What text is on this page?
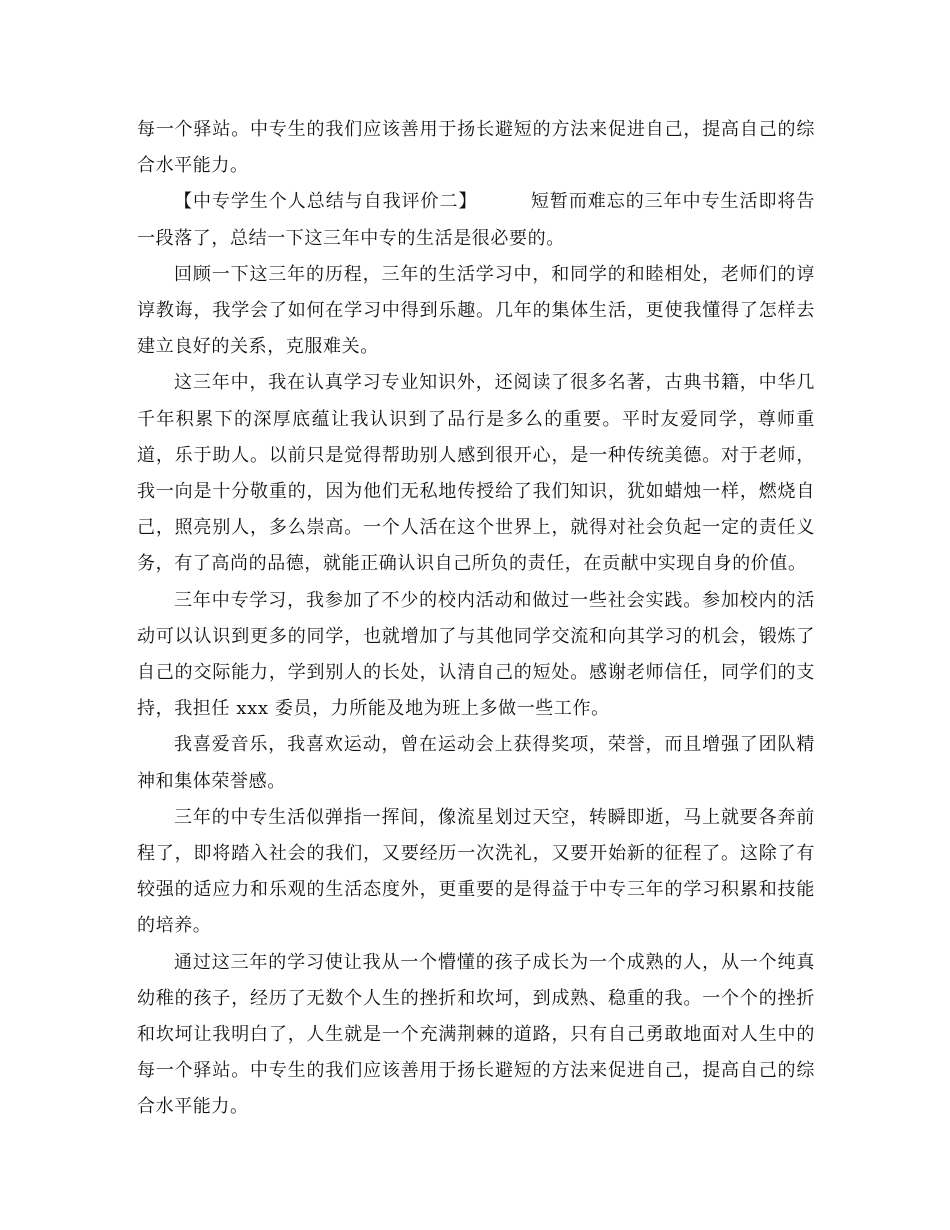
每一个驿站。中专生的我们应该善用于扬长避短的方法来促进自己，提高自己的综合水平能力。

【中专学生个人总结与自我评价二】	短暂而难忘的三年中专生活即将告一段落了，总结一下这三年中专的生活是很必要的。

回顾一下这三年的历程，三年的生活学习中，和同学的和睦相处，老师们的谆谆教诲，我学会了如何在学习中得到乐趣。几年的集体生活，更使我懂得了怎样去建立良好的关系，克服难关。

这三年中，我在认真学习专业知识外，还阅读了很多名著，古典书籍，中华几千年积累下的深厚底蕴让我认识到了品行是多么的重要。平时友爱同学，尊师重道，乐于助人。以前只是觉得帮助别人感到很开心，是一种传统美德。对于老师，我一向是十分敬重的，因为他们无私地传授给了我们知识，犹如蜡烛一样，燃烧自己，照亮别人，多么崇高。一个人活在这个世界上，就得对社会负起一定的责任义务，有了高尚的品德，就能正确认识自己所负的责任，在贡献中实现自身的价值。

三年中专学习，我参加了不少的校内活动和做过一些社会实践。参加校内的活动可以认识到更多的同学，也就增加了与其他同学交流和向其学习的机会，锻炼了自己的交际能力，学到别人的长处，认清自己的短处。感谢老师信任，同学们的支持，我担任 xxx 委员，力所能及地为班上多做一些工作。

我喜爱音乐，我喜欢运动，曾在运动会上获得奖项，荣誉，而且增强了团队精神和集体荣誉感。

三年的中专生活似弹指一挥间，像流星划过天空，转瞬即逝，马上就要各奔前程了，即将踏入社会的我们，又要经历一次洗礼，又要开始新的征程了。这除了有较强的适应力和乐观的生活态度外，更重要的是得益于中专三年的学习积累和技能的培养。

通过这三年的学习使让我从一个懵懂的孩子成长为一个成熟的人，从一个纯真幼稚的孩子，经历了无数个人生的挫折和坎坷，到成熟、稳重的我。一个个的挫折和坎坷让我明白了，人生就是一个充满荆棘的道路，只有自己勇敢地面对人生中的每一个驿站。中专生的我们应该善用于扬长避短的方法来促进自己，提高自己的综合水平能力。
